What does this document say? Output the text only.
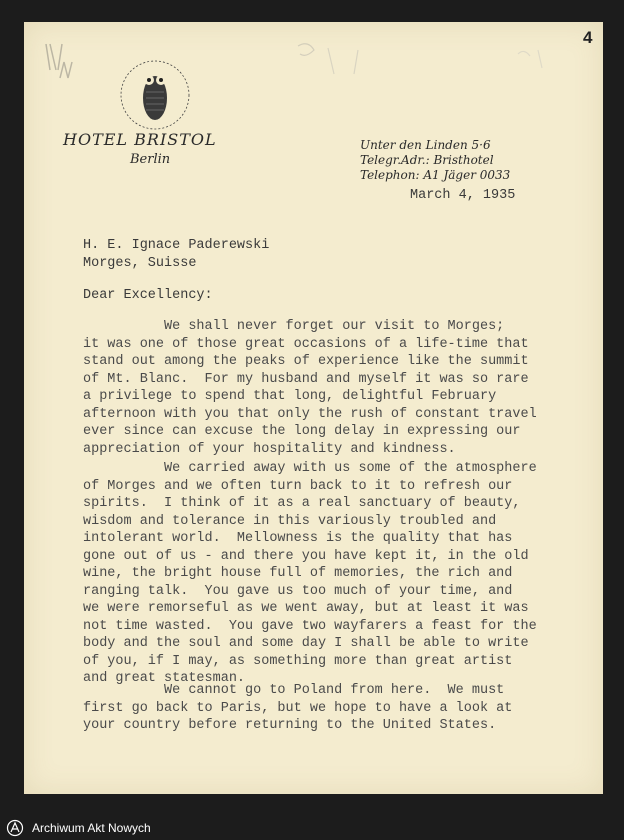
4
HOTEL BRISTOL
Berlin
Unter den Linden 5·6
Telegr.Adr.: Bristhotel
Telephon: A1 Jäger 0033
March 4, 1935
H. E. Ignace Paderewski
Morges, Suisse
Dear Excellency:
We shall never forget our visit to Morges;
it was one of those great occasions of a life-time that
stand out among the peaks of experience like the summit
of Mt. Blanc.  For my husband and myself it was so rare
a privilege to spend that long, delightful February
afternoon with you that only the rush of constant travel
ever since can excuse the long delay in expressing our
appreciation of your hospitality and kindness.
We carried away with us some of the atmosphere
of Morges and we often turn back to it to refresh our
spirits.  I think of it as a real sanctuary of beauty,
wisdom and tolerance in this variously troubled and
intolerant world.  Mellowness is the quality that has
gone out of us - and there you have kept it, in the old
wine, the bright house full of memories, the rich and
ranging talk.  You gave us too much of your time, and
we were remorseful as we went away, but at least it was
not time wasted.  You gave two wayfarers a feast for the
body and the soul and some day I shall be able to write
of you, if I may, as something more than great artist
and great statesman.
We cannot go to Poland from here.  We must
first go back to Paris, but we hope to have a look at
your country before returning to the United States.
Archiwum Akt Nowych
